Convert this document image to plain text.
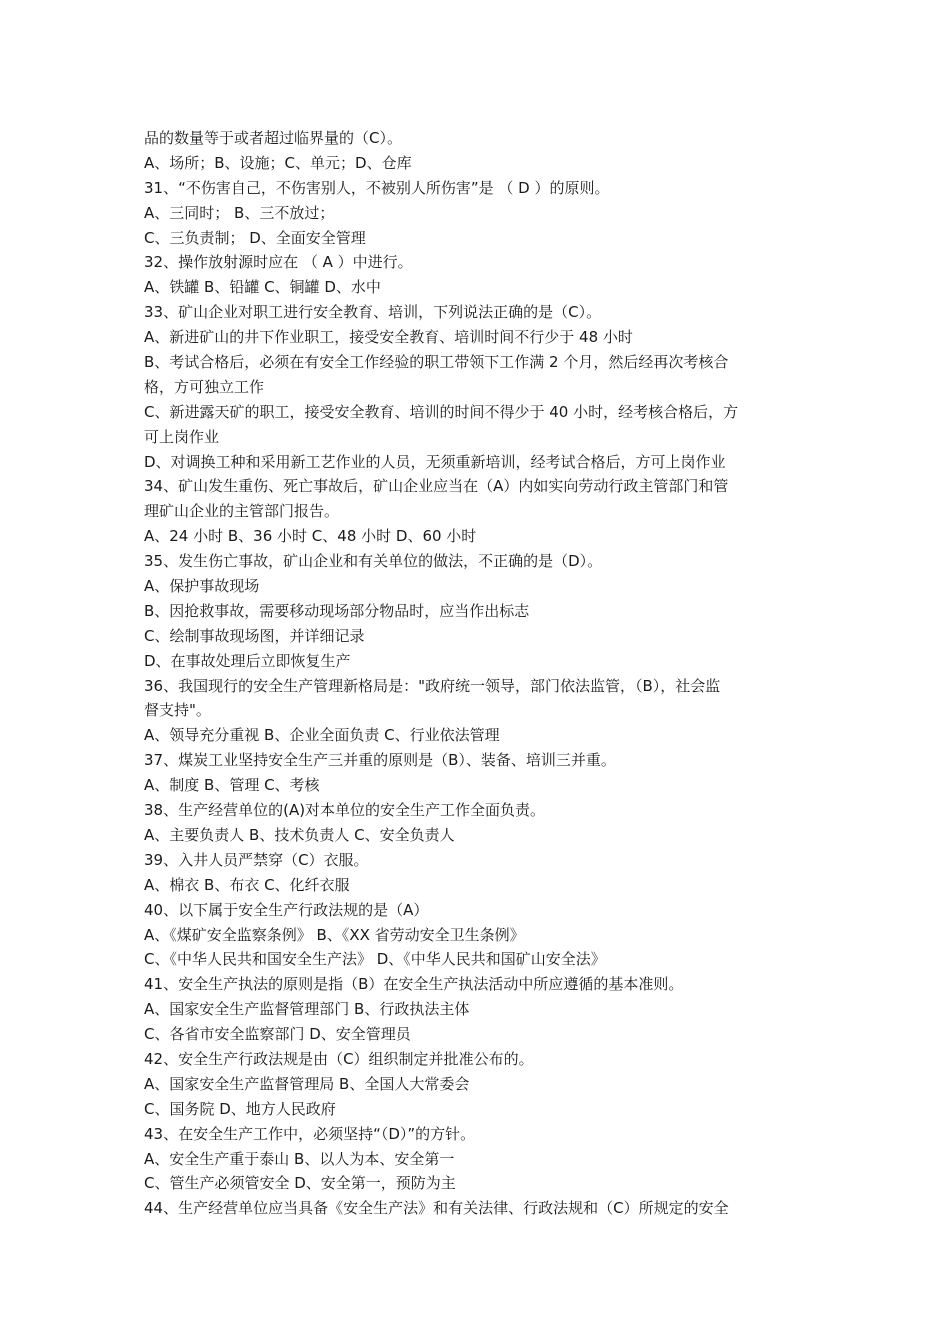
品的数量等于或者超过临界量的（C）。
A、场所；B、设施；C、单元；D、仓库
31、“不伤害自己，不伤害别人，不被别人所伤害”是 （ D ）的原则。
A、三同时； B、三不放过；
C、三负责制； D、全面安全管理
32、操作放射源时应在 （ A ）中进行。
A、铁罐 B、铅罐 C、铜罐 D、水中
33、矿山企业对职工进行安全教育、培训，下列说法正确的是（C）。
A、新进矿山的井下作业职工，接受安全教育、培训时间不行少于 48 小时
B、考试合格后，必须在有安全工作经验的职工带领下工作满 2 个月，然后经再次考核合
格，方可独立工作
C、新进露天矿的职工，接受安全教育、培训的时间不得少于 40 小时，经考核合格后，方
可上岗作业
D、对调换工种和采用新工艺作业的人员，无须重新培训，经考试合格后，方可上岗作业
34、矿山发生重伤、死亡事故后，矿山企业应当在（A）内如实向劳动行政主管部门和管
理矿山企业的主管部门报告。
A、24 小时 B、36 小时 C、48 小时 D、60 小时
35、发生伤亡事故，矿山企业和有关单位的做法，不正确的是（D）。
A、保护事故现场
B、因抢救事故，需要移动现场部分物品时，应当作出标志
C、绘制事故现场图，并详细记录
D、在事故处理后立即恢复生产
36、我国现行的安全生产管理新格局是："政府统一领导，部门依法监管，（B），社会监
督支持"。
A、领导充分重视 B、企业全面负责 C、行业依法管理
37、煤炭工业坚持安全生产三并重的原则是（B）、装备、培训三并重。
A、制度 B、管理 C、考核
38、生产经营单位的(A)对本单位的安全生产工作全面负责。
A、主要负责人 B、技术负责人 C、安全负责人
39、入井人员严禁穿（C）衣服。
A、棉衣 B、布衣 C、化纤衣服
40、以下属于安全生产行政法规的是（A）
A、《煤矿安全监察条例》 B、《XX 省劳动安全卫生条例》
C、《中华人民共和国安全生产法》 D、《中华人民共和国矿山安全法》
41、安全生产执法的原则是指（B）在安全生产执法活动中所应遵循的基本准则。
A、国家安全生产监督管理部门 B、行政执法主体
C、各省市安全监察部门 D、安全管理员
42、安全生产行政法规是由（C）组织制定并批准公布的。
A、国家安全生产监督管理局 B、全国人大常委会
C、国务院 D、地方人民政府
43、在安全生产工作中，必须坚持“（D）”的方针。
A、安全生产重于泰山 B、以人为本、安全第一
C、管生产必须管安全 D、安全第一，预防为主
44、生产经营单位应当具备《安全生产法》和有关法律、行政法规和（C）所规定的安全
